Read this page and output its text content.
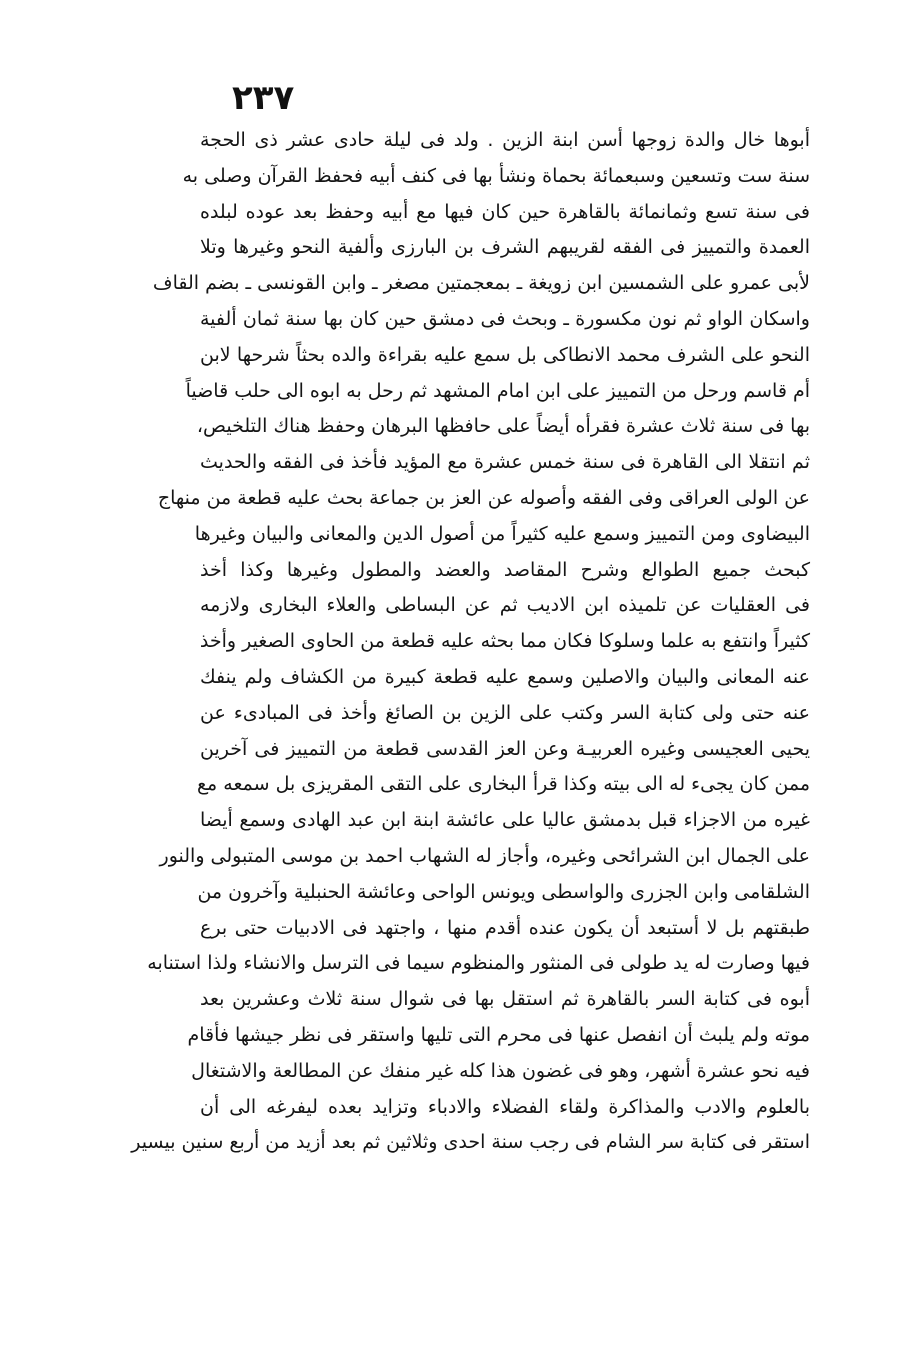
٢٣٧
أبوها خال والدة زوجها أسن ابنة الزين . ولد فى ليلة حادى عشر ذى الحجة
سنة ست وتسعين وسبعمائة بحماة ونشأ بها فى كنف أبيه فحفظ القرآن وصلى به
فى سنة تسع وثمانمائة بالقاهرة حين كان فيها مع أبيه وحفظ بعد عوده لبلده
العمدة والتمييز فى الفقه لقريبهم الشرف بن البارزى وألفية النحو وغيرها وتلا
لأبى عمرو على الشمسين ابن زويغة ـ بمعجمتين مصغر ـ وابن القونسى ـ بضم القاف
واسكان الواو ثم نون مكسورة ـ وبحث فى دمشق حين كان بها سنة ثمان ألفية
النحو على الشرف محمد الانطاكى بل سمع عليه بقراءة والده بحثاً شرحها لابن
أم قاسم ورحل من التمييز على ابن امام المشهد ثم رحل به ابوه الى حلب قاضياً
بها فى سنة ثلاث عشرة فقرأه أيضاً على حافظها البرهان وحفظ هناك التلخيص،
ثم انتقلا الى القاهرة فى سنة خمس عشرة مع المؤيد فأخذ فى الفقه والحديث
عن الولى العراقى وفى الفقه وأصوله عن العز بن جماعة بحث عليه قطعة من منهاج
البيضاوى ومن التمييز وسمع عليه كثيراً من أصول الدين والمعانى والبيان وغيرها
كبحث جميع الطوالع وشرح المقاصد والعضد والمطول وغيرها وكذا أخذ
فى العقليات عن تلميذه ابن الاديب ثم عن البساطى والعلاء البخارى ولازمه
كثيراً وانتفع به علما وسلوكا فكان مما بحثه عليه قطعة من الحاوى الصغير وأخذ
عنه المعانى والبيان والاصلين وسمع عليه قطعة كبيرة من الكشاف ولم ينفك
عنه حتى ولى كتابة السر وكتب على الزين بن الصائغ وأخذ فى المبادىء عن
يحيى العجيسى وغيره العربيـة وعن العز القدسى قطعة من التمييز فى آخرين
ممن كان يجىء له الى بيته وكذا قرأ البخارى على التقى المقريزى بل سمعه مع
غيره من الاجزاء قبل بدمشق عاليا على عائشة ابنة ابن عبد الهادى وسمع أيضا
على الجمال ابن الشرائحى وغيره، وأجاز له الشهاب احمد بن موسى المتبولى والنور
الشلقامى وابن الجزرى والواسطى ويونس الواحى وعائشة الحنبلية وآخرون من
طبقتهم بل لا أستبعد أن يكون عنده أقدم منها ، واجتهد فى الادبيات حتى برع
فيها وصارت له يد طولى فى المنثور والمنظوم سيما فى الترسل والانشاء ولذا استنابه
أبوه فى كتابة السر بالقاهرة ثم استقل بها فى شوال سنة ثلاث وعشرين بعد
موته ولم يلبث أن انفصل عنها فى محرم التى تليها واستقر فى نظر جيشها فأقام
فيه نحو عشرة أشهر، وهو فى غضون هذا كله غير منفك عن المطالعة والاشتغال
بالعلوم والادب والمذاكرة ولقاء الفضلاء والادباء وتزايد بعده ليفرغه الى أن
استقر فى كتابة سر الشام فى رجب سنة احدى وثلاثين ثم بعد أزيد من أربع سنين بيسير
